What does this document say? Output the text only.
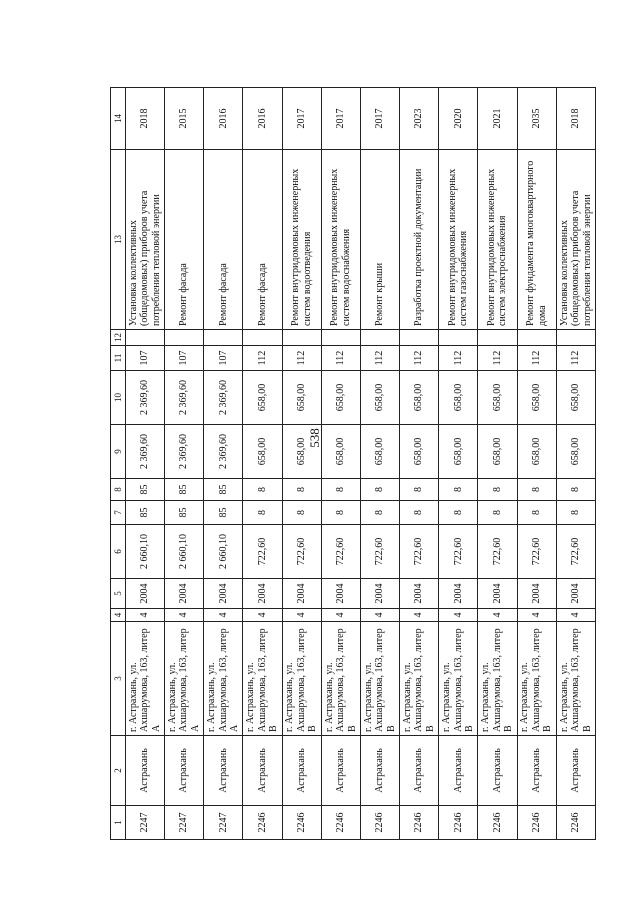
538
1	2	3	4	5	6	7	8	9	10	11	12	13	14
2247	Астрахань	г. Астрахань, ул. Ахшарумова, 163, литер А	4	2004	2 660,10	85	85	2 369,60	2 369,60	107		Установка коллективных (общедомовых) приборов учета потребления тепловой энергии	2018
2247	Астрахань	г. Астрахань, ул. Ахшарумова, 163, литер А	4	2004	2 660,10	85	85	2 369,60	2 369,60	107		Ремонт фасада	2015
2247	Астрахань	г. Астрахань, ул. Ахшарумова, 163, литер А	4	2004	2 660,10	85	85	2 369,60	2 369,60	107		Ремонт фасада	2016
2246	Астрахань	г. Астрахань, ул. Ахшарумова, 163, литер В	4	2004	722,60	8	8	658,00	658,00	112		Ремонт фасада	2016
2246	Астрахань	г. Астрахань, ул. Ахшарумова, 163, литер В	4	2004	722,60	8	8	658,00	658,00	112		Ремонт внутридомовых инженерных систем водоотведения	2017
2246	Астрахань	г. Астрахань, ул. Ахшарумова, 163, литер В	4	2004	722,60	8	8	658,00	658,00	112		Ремонт внутридомовых инженерных систем водоснабжения	2017
2246	Астрахань	г. Астрахань, ул. Ахшарумова, 163, литер В	4	2004	722,60	8	8	658,00	658,00	112		Ремонт крыши	2017
2246	Астрахань	г. Астрахань, ул. Ахшарумова, 163, литер В	4	2004	722,60	8	8	658,00	658,00	112		Разработка проектной документации	2023
2246	Астрахань	г. Астрахань, ул. Ахшарумова, 163, литер В	4	2004	722,60	8	8	658,00	658,00	112		Ремонт внутридомовых инженерных систем газоснабжения	2020
2246	Астрахань	г. Астрахань, ул. Ахшарумова, 163, литер В	4	2004	722,60	8	8	658,00	658,00	112		Ремонт внутридомовых инженерных систем электроснабжения	2021
2246	Астрахань	г. Астрахань, ул. Ахшарумова, 163, литер В	4	2004	722,60	8	8	658,00	658,00	112		Ремонт фундамента многоквартирного дома	2035
2246	Астрахань	г. Астрахань, ул. Ахшарумова, 163, литер В	4	2004	722,60	8	8	658,00	658,00	112		Установка коллективных (общедомовых) приборов учета потребления тепловой энергии	2018
